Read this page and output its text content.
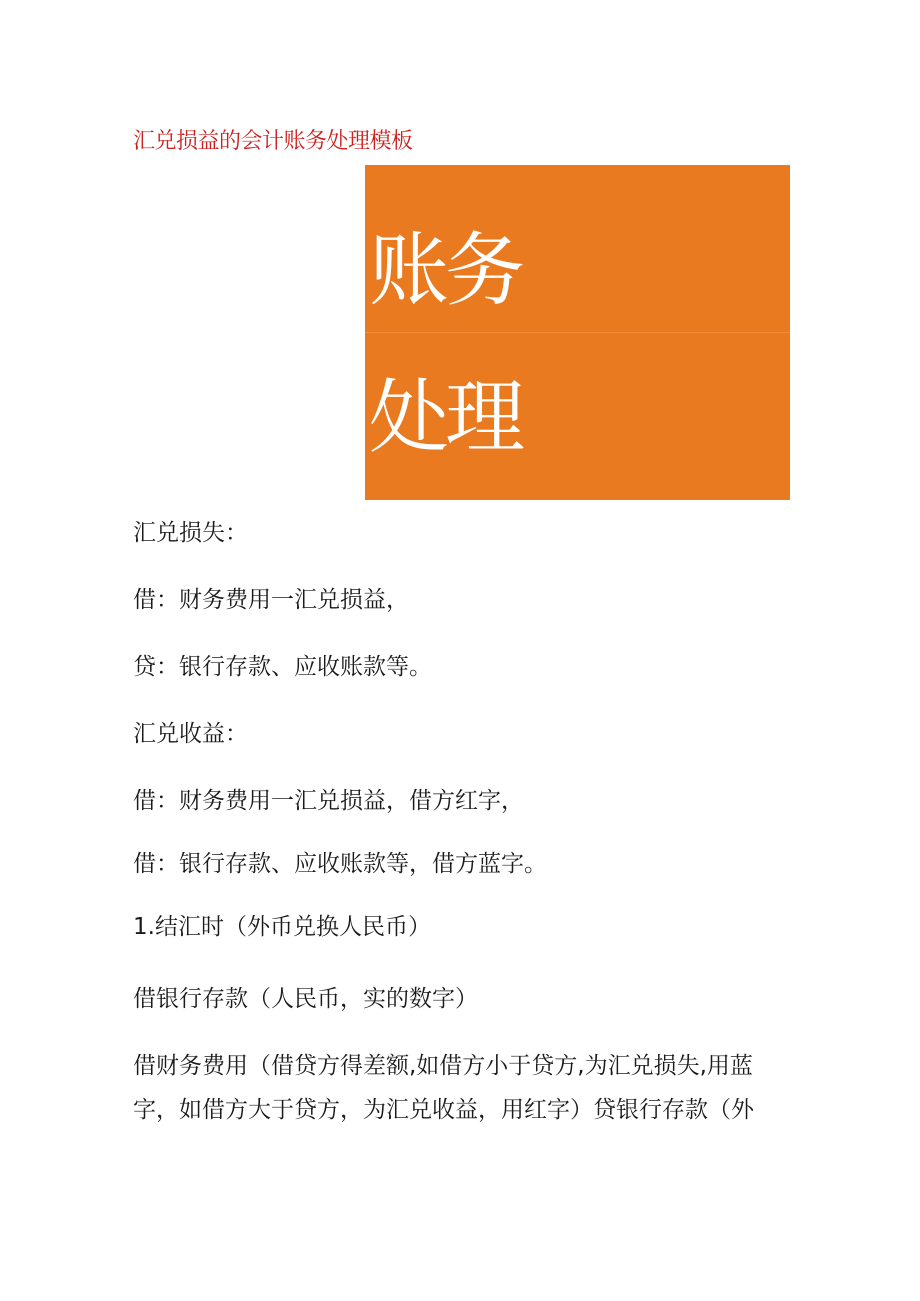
汇兑损益的会计账务处理模板
账务
处理
汇兑损失：
借：财务费用一汇兑损益，
贷：银行存款、应收账款等。
汇兑收益：
借：财务费用一汇兑损益，借方红字，
借：银行存款、应收账款等，借方蓝字。
1.结汇时（外币兑换人民币）
借银行存款（人民币，实的数字）
借财务费用（借贷方得差额,如借方小于贷方,为汇兑损失,用蓝字，如借方大于贷方，为汇兑收益，用红字）贷银行存款（外
